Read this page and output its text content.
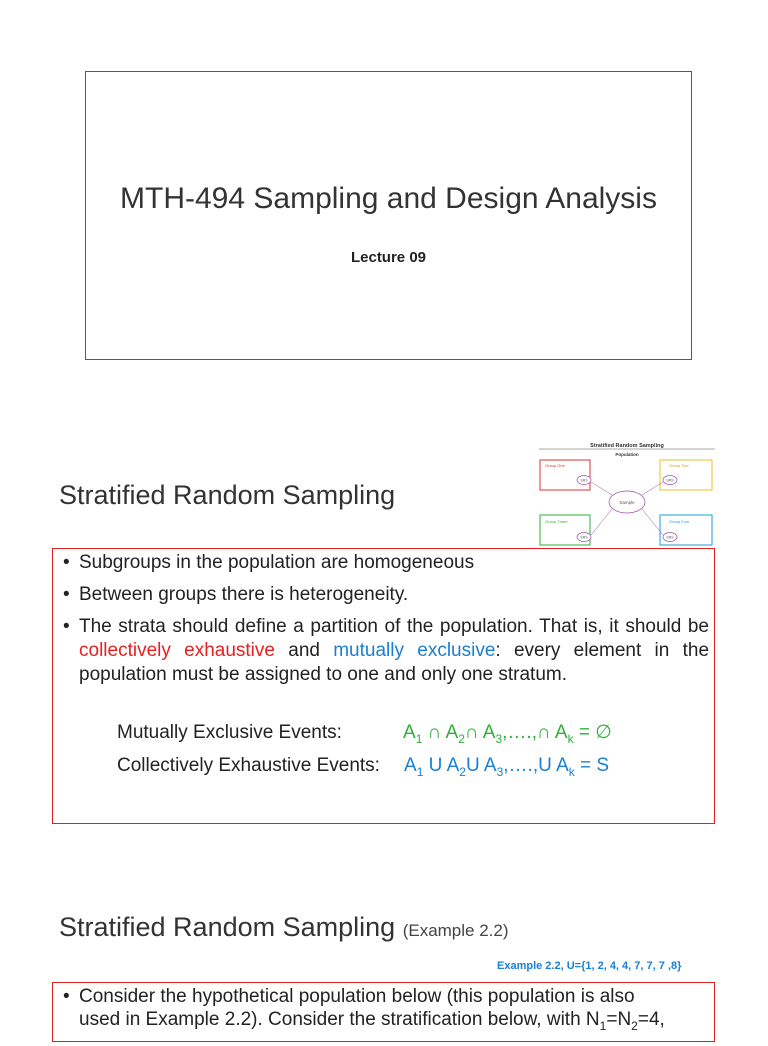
MTH-494 Sampling and Design Analysis
Lecture 09
Stratified Random Sampling
Stratified Random Sampling
Population
Group One	Group Two
Group Three	Group Four
SRS	SRS
SRS	SRS
Sample
• Subgroups in the population are homogeneous
• Between groups there is heterogeneity.
• The strata should define a partition of the population. That is, it should be collectively exhaustive and mutually exclusive: every element in the population must be assigned to one and only one stratum.
Mutually Exclusive Events:	$A_1$ ∩ $A_2\cap$ $A_3,\dots.,\cap$ $A_k$ = ∅
Collectively Exhaustive Events: $A_1$ U $A_2U$ $A_3,\dots.,U$ $A_k = S$
Stratified Random Sampling (Example 2.2)
Example 2.2, U={1, 2, 4, 4, 7, 7, 7 ,8}
• Consider the hypothetical population below (this population is also
used in Example 2.2). Consider the stratification below, with $N_1=N_2=4$,
